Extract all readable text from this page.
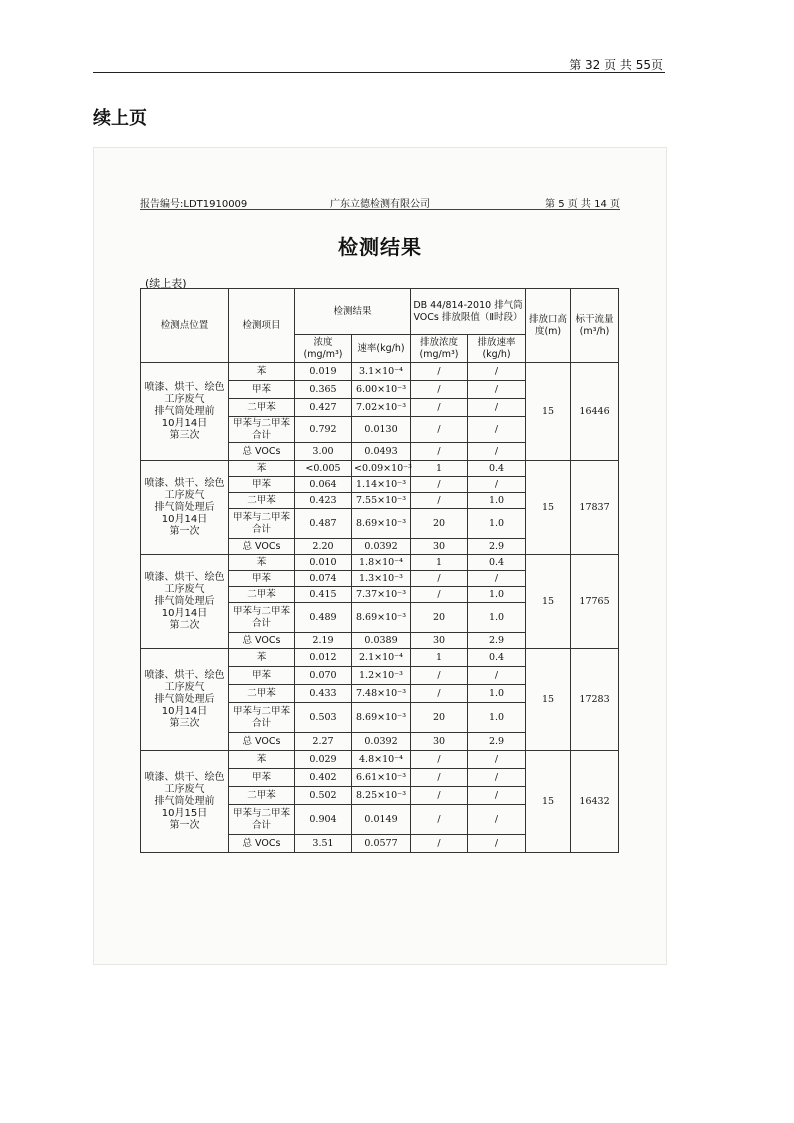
第 32 页 共 55页
续上页
报告编号:LDT1910009	广东立德检测有限公司	第 5 页 共 14 页
检测结果
(续上表)
检测点位置	检测项目	检测结果		DB 44/814-2010 排气筒 VOCs 排放限值（Ⅱ时段）		排放口高度(m)	标干流量(m³/h)
		浓度(mg/m³)	速率(kg/h)	排放浓度(mg/m³)	排放速率(kg/h)		

喷漆、烘干、绘色
工序废气
排气筒处理前
10月14日
第三次	苯	0.019	3.1×10⁻⁴	/	/	15	16446
	甲苯	0.365	6.00×10⁻³	/	/		
	二甲苯	0.427	7.02×10⁻³	/	/		
	甲苯与二甲苯合计	0.792	0.0130	/	/		
	总 VOCs	3.00	0.0493	/	/		

喷漆、烘干、绘色
工序废气
排气筒处理后
10月14日
第一次	苯	<0.005	<0.09×10⁻³	1	0.4	15	17837
	甲苯	0.064	1.14×10⁻³	/	/		
	二甲苯	0.423	7.55×10⁻³	/	1.0		
	甲苯与二甲苯合计	0.487	8.69×10⁻³	20	1.0		
	总 VOCs	2.20	0.0392	30	2.9		

喷漆、烘干、绘色
工序废气
排气筒处理后
10月14日
第二次	苯	0.010	1.8×10⁻⁴	1	0.4	15	17765
	甲苯	0.074	1.3×10⁻³	/	/		
	二甲苯	0.415	7.37×10⁻³	/	1.0		
	甲苯与二甲苯合计	0.489	8.69×10⁻³	20	1.0		
	总 VOCs	2.19	0.0389	30	2.9		

喷漆、烘干、绘色
工序废气
排气筒处理后
10月14日
第三次	苯	0.012	2.1×10⁻⁴	1	0.4	15	17283
	甲苯	0.070	1.2×10⁻³	/	/		
	二甲苯	0.433	7.48×10⁻³	/	1.0		
	甲苯与二甲苯合计	0.503	8.69×10⁻³	20	1.0		
	总 VOCs	2.27	0.0392	30	2.9		

喷漆、烘干、绘色
工序废气
排气筒处理前
10月15日
第一次	苯	0.029	4.8×10⁻⁴	/	/	15	16432
	甲苯	0.402	6.61×10⁻³	/	/		
	二甲苯	0.502	8.25×10⁻³	/	/		
	甲苯与二甲苯合计	0.904	0.0149	/	/		
	总 VOCs	3.51	0.0577	/	/		
